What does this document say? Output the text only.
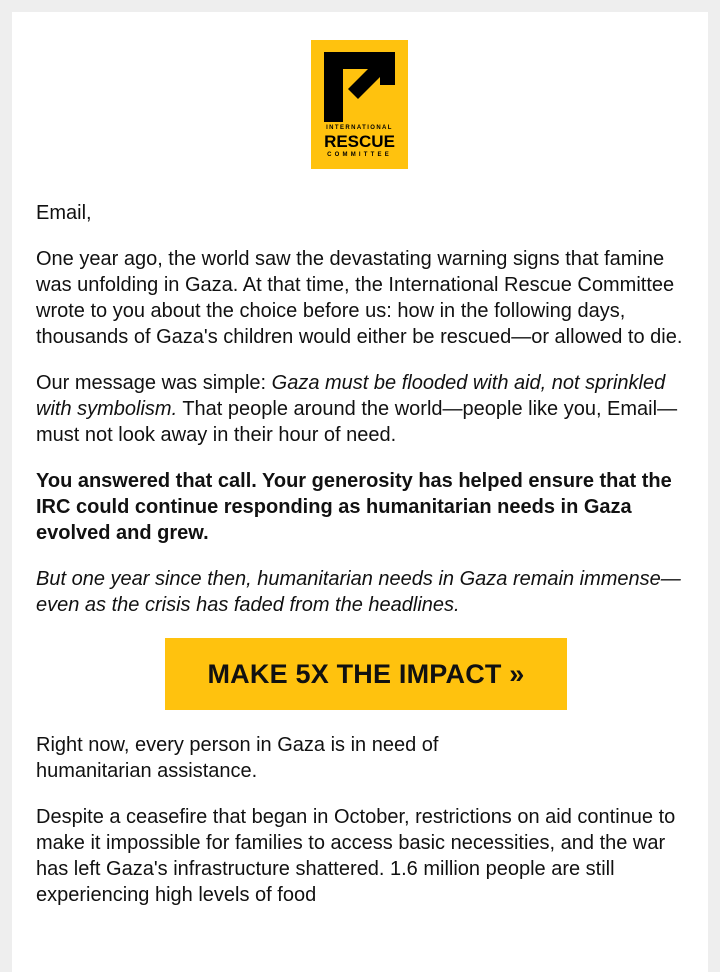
INTERNATIONAL
RESCUE
COMMITTEE

Email,

One year ago, the world saw the devastating warning signs that famine was unfolding in Gaza. At that time, the International Rescue Committee wrote to you about the choice before us: how in the following days, thousands of Gaza's children would either be rescued—or allowed to die.

Our message was simple: Gaza must be flooded with aid, not sprinkled with symbolism. That people around the world—people like you, Email—must not look away in their hour of need.

You answered that call. Your generosity has helped ensure that the IRC could continue responding as humanitarian needs in Gaza evolved and grew.

But one year since then, humanitarian needs in Gaza remain immense—even as the crisis has faded from the headlines.

MAKE 5X THE IMPACT »

Right now, every person in Gaza is in need of humanitarian assistance.

Despite a ceasefire that began in October, restrictions on aid continue to make it impossible for families to access basic necessities, and the war has left Gaza's infrastructure shattered. 1.6 million people are still experiencing high levels of food
